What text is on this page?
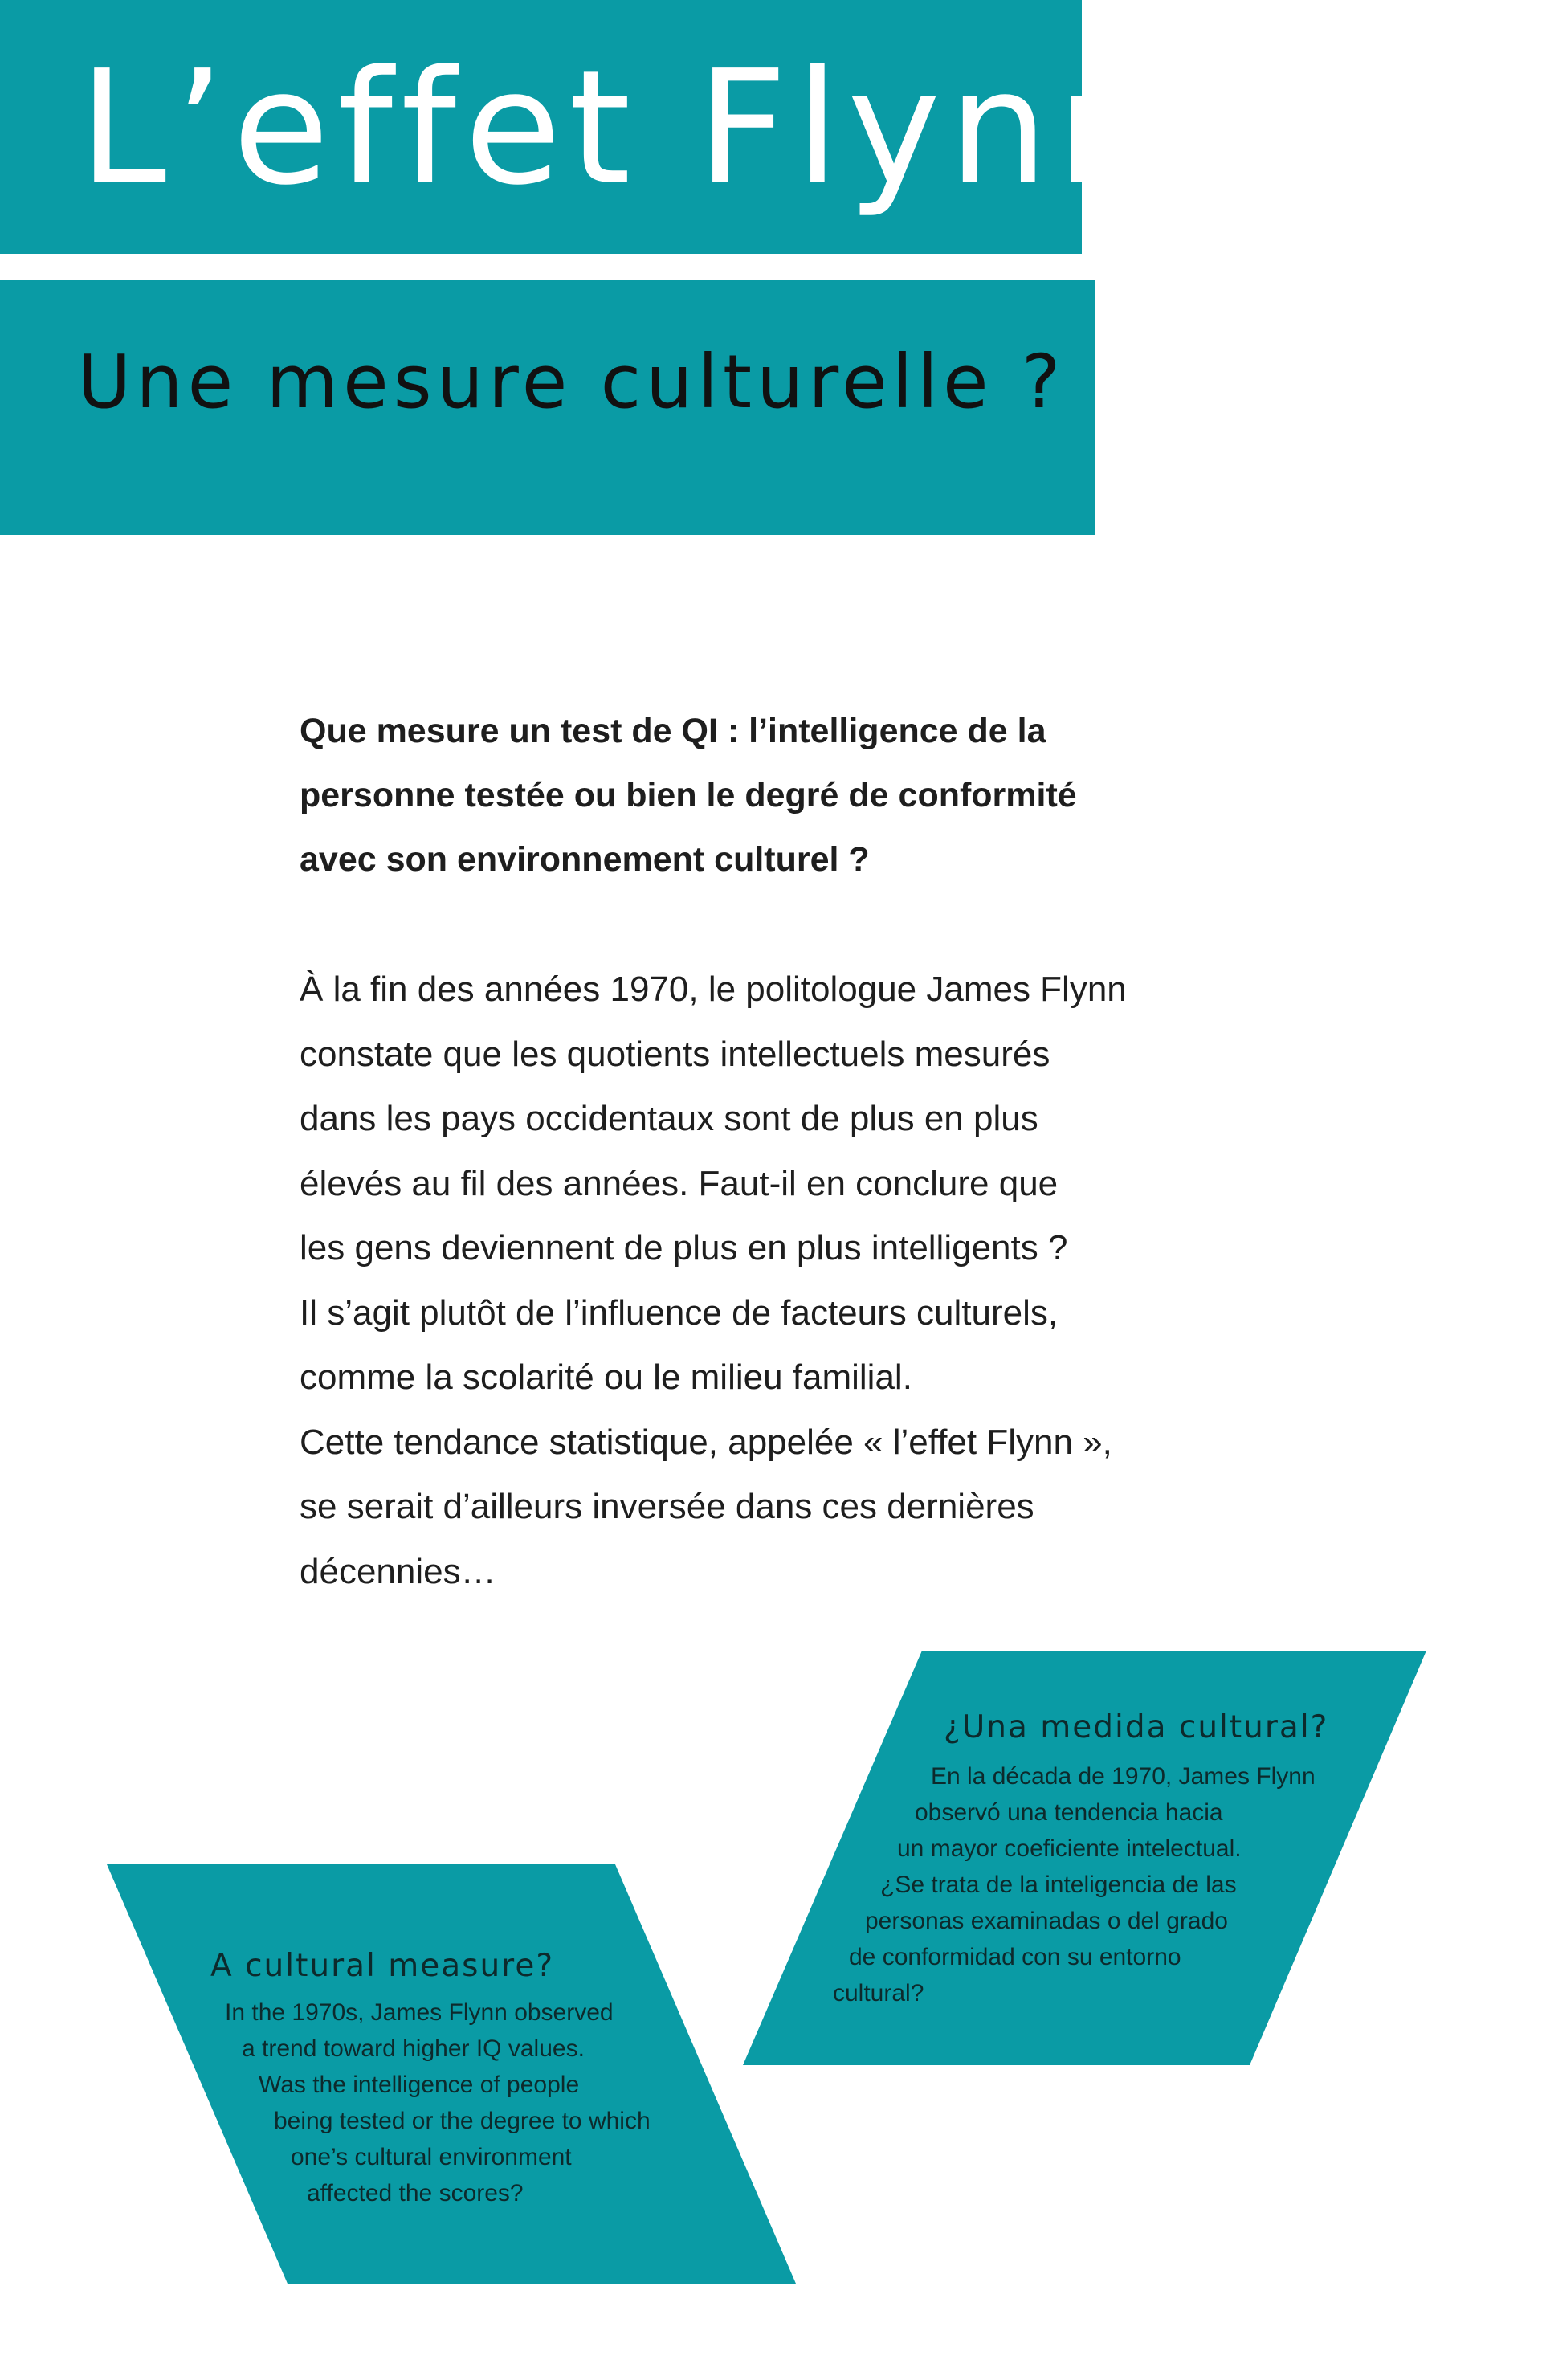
L’effet Flynn
Une mesure culturelle ?
Que mesure un test de QI : l’intelligence de la
personne testée ou bien le degré de conformité
avec son environnement culturel ?
À la fin des années 1970, le politologue James Flynn
constate que les quotients intellectuels mesurés
dans les pays occidentaux sont de plus en plus
élevés au fil des années. Faut-il en conclure que
les gens deviennent de plus en plus intelligents ?
Il s’agit plutôt de l’influence de facteurs culturels,
comme la scolarité ou le milieu familial.
Cette tendance statistique, appelée « l’effet Flynn »,
se serait d’ailleurs inversée dans ces dernières
décennies…
¿Una medida cultural?
En la década de 1970, James Flynn
observó una tendencia hacia
un mayor coeficiente intelectual.
¿Se trata de la inteligencia de las
personas examinadas o del grado
de conformidad con su entorno
cultural?
A cultural measure?
In the 1970s, James Flynn observed
a trend toward higher IQ values.
Was the intelligence of people
being tested or the degree to which
one’s cultural environment
affected the scores?
